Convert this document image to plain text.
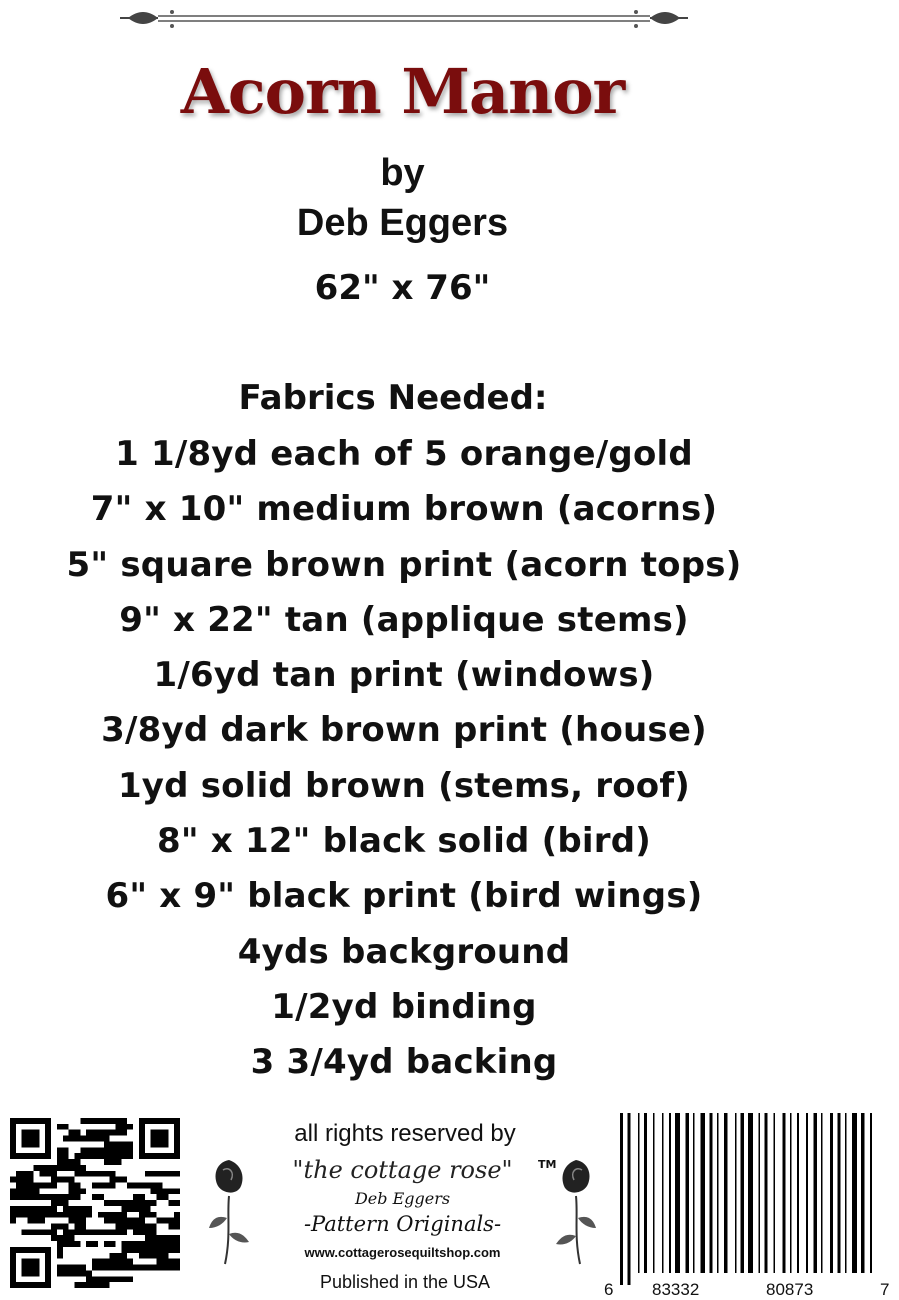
Acorn Manor
by
Deb Eggers
62" x 76"
Fabrics Needed:
1 1/8yd each of 5 orange/gold
7" x 10" medium brown (acorns)
5" square brown print (acorn tops)
9" x 22" tan (applique stems)
1/6yd tan print (windows)
3/8yd dark brown print (house)
1yd solid brown (stems, roof)
8" x 12" black solid (bird)
6" x 9" black print (bird wings)
4yds background
1/2yd binding
3 3/4yd backing
all rights reserved by
"the cottage rose"	TM
Deb Eggers
-Pattern Originals-
www.cottagerosequiltshop.com
Published in the USA	6 83332	80873	7
